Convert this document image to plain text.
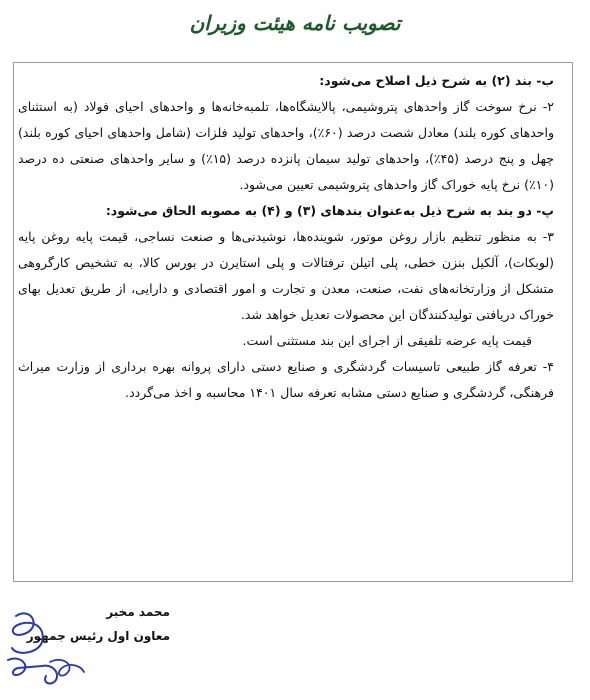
تصویب نامه هیئت وزیران

ب- بند (۲) به شرح ذیل اصلاح می‌شود:

۲- نرخ سوخت گاز واحدهای پتروشیمی، پالایشگاه‌ها، تلمبه‌خانه‌ها و واحدهای احیای فولاد (به استثنای واحدهای کوره بلند) معادل شصت درصد (۶۰٪)، واحدهای تولید فلزات (شامل واحدهای احیای کوره بلند) چهل و پنج درصد (۴۵٪)، واحدهای تولید سیمان پانزده درصد (۱۵٪) و سایر واحدهای صنعتی ده درصد (۱۰٪) نرخ پایه خوراک گاز واحدهای پتروشیمی تعیین می‌شود.

پ- دو بند به شرح ذیل به‌عنوان بندهای (۳) و (۴) به مصوبه الحاق می‌شود:

۳- به منظور تنظیم بازار روغن موتور، شوینده‌ها، نوشیدنی‌ها و صنعت نساجی، قیمت پایه روغن پایه (لوبکات)، آلکیل بنزن خطی، پلی اتیلن ترفتالات و پلی استایرن در بورس کالا، به تشخیص کارگروهی متشکل از وزارتخانه‌های نفت، صنعت، معدن و تجارت و امور اقتصادی و دارایی، از طریق تعدیل بهای خوراک دریافتی تولیدکنندگان این محصولات تعدیل خواهد شد.

قیمت پایه عرضه تلفیقی از اجرای این بند مستثنی است.

۴- تعرفه گاز طبیعی تاسیسات گردشگری و صنایع دستی دارای پروانه بهره برداری از وزارت میراث فرهنگی، گردشگری و صنایع دستی مشابه تعرفه سال ۱۴۰۱ محاسبه و اخذ می‌گردد.

محمد مخبر
معاون اول رئیس جمهور
